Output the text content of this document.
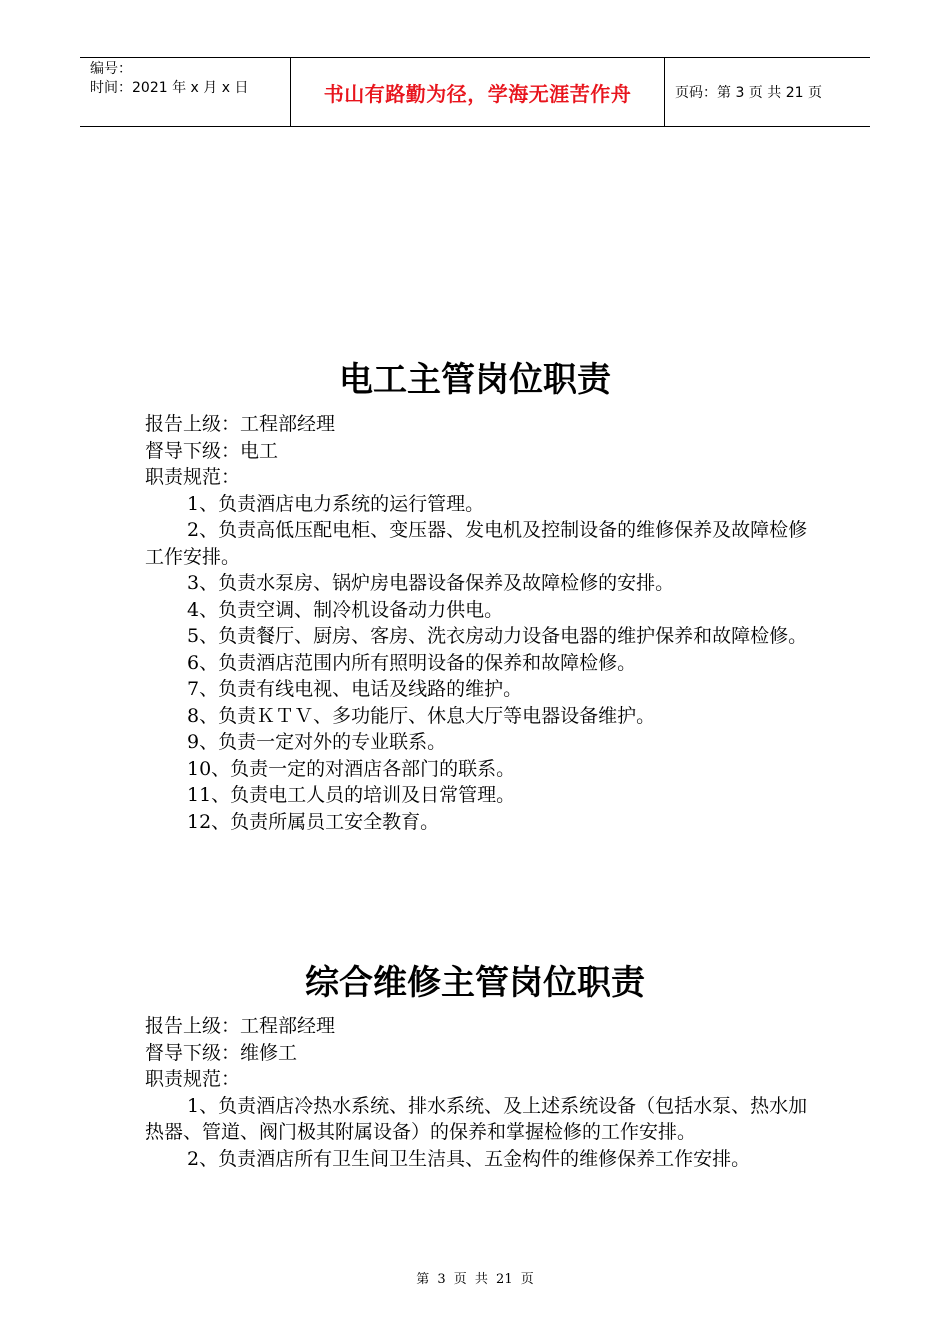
编号：
时间：2021 年 x 月 x 日	书山有路勤为径，学海无涯苦作舟	页码：第 3 页 共 21 页
电工主管岗位职责

报告上级：工程部经理

督导下级：电工

职责规范：

1、负责酒店电力系统的运行管理。

2、负责高低压配电柜、变压器、发电机及控制设备的维修保养及故障检修工作安排。

3、负责水泵房、锅炉房电器设备保养及故障检修的安排。

4、负责空调、制冷机设备动力供电。

5、负责餐厅、厨房、客房、洗衣房动力设备电器的维护保养和故障检修。

6、负责酒店范围内所有照明设备的保养和故障检修。

7、负责有线电视、电话及线路的维护。

8、负责ＫＴＶ、多功能厅、休息大厅等电器设备维护。

9、负责一定对外的专业联系。

10、负责一定的对酒店各部门的联系。

11、负责电工人员的培训及日常管理。

12、负责所属员工安全教育。

综合维修主管岗位职责

报告上级：工程部经理

督导下级：维修工

职责规范：

1、负责酒店冷热水系统、排水系统、及上述系统设备（包括水泵、热水加热器、管道、阀门极其附属设备）的保养和掌握检修的工作安排。

2、负责酒店所有卫生间卫生洁具、五金构件的维修保养工作安排。

第 3 页 共 21 页
